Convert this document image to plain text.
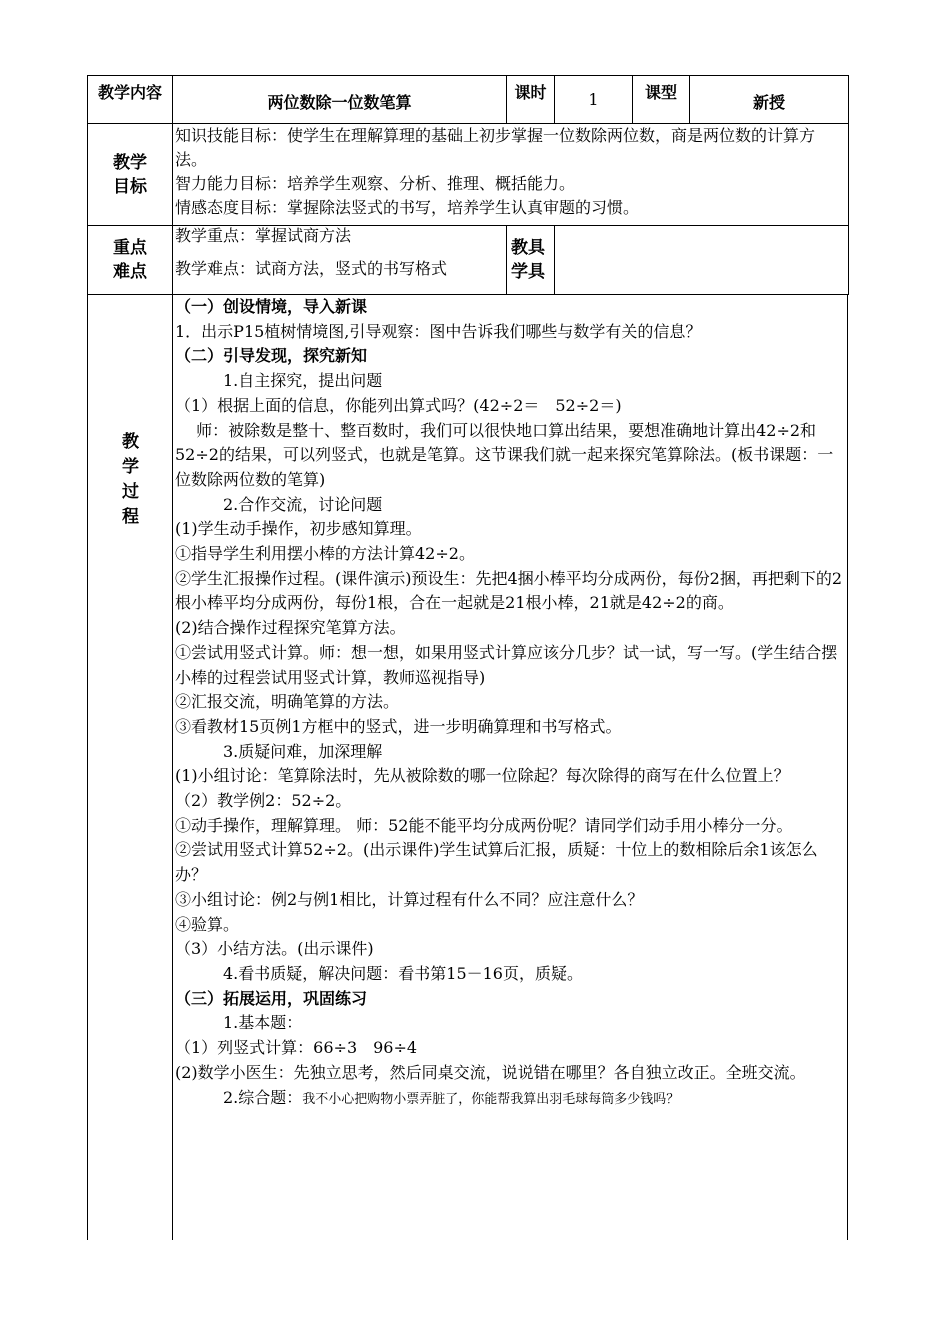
教学内容
两位数除一位数笔算
课时	1	课型
新授
教学
目标
知识技能目标：使学生在理解算理的基础上初步掌握一位数除两位数，商是两位数的计算方法。
智力能力目标：培养学生观察、分析、推理、概括能力。
情感态度目标：掌握除法竖式的书写，培养学生认真审题的习惯。
重点
难点
教学重点：掌握试商方法
教学难点：试商方法，竖式的书写格式
教具
学具
教
学
过
程

（一）创设情境，导入新课

1．出示P15植树情境图,引导观察：图中告诉我们哪些与数学有关的信息？

（二）引导发现，探究新知

　　　1.自主探究，提出问题

（1）根据上面的信息，你能列出算式吗？(42÷2＝　52÷2＝)

　 师：被除数是整十、整百数时，我们可以很快地口算出结果，要想准确地计算出42÷2和52÷2的结果，可以列竖式，也就是笔算。这节课我们就一起来探究笔算除法。(板书课题：一位数除两位数的笔算)

　　　2.合作交流，讨论问题

(1)学生动手操作，初步感知算理。

①指导学生利用摆小棒的方法计算42÷2。

②学生汇报操作过程。(课件演示)预设生：先把4捆小棒平均分成两份，每份2捆，再把剩下的2根小棒平均分成两份，每份1根，合在一起就是21根小棒，21就是42÷2的商。

(2)结合操作过程探究笔算方法。

①尝试用竖式计算。师：想一想，如果用竖式计算应该分几步？试一试，写一写。(学生结合摆小棒的过程尝试用竖式计算，教师巡视指导)

②汇报交流，明确笔算的方法。

③看教材15页例1方框中的竖式，进一步明确算理和书写格式。

　　　3.质疑问难，加深理解

(1)小组讨论：笔算除法时，先从被除数的哪一位除起？每次除得的商写在什么位置上？

（2）教学例2：52÷2。

①动手操作，理解算理。 师：52能不能平均分成两份呢？请同学们动手用小棒分一分。

②尝试用竖式计算52÷2。(出示课件)学生试算后汇报，质疑：十位上的数相除后余1该怎么办？

③小组讨论：例2与例1相比，计算过程有什么不同？应注意什么？

④验算。

（3）小结方法。(出示课件)

　　　4.看书质疑，解决问题：看书第15－16页，质疑。

（三）拓展运用，巩固练习

　　　1.基本题：

（1）列竖式计算：66÷3　96÷4

(2)数学小医生：先独立思考，然后同桌交流，说说错在哪里？各自独立改正。全班交流。

　　　2.综合题：我不小心把购物小票弄脏了，你能帮我算出羽毛球每筒多少钱吗？
